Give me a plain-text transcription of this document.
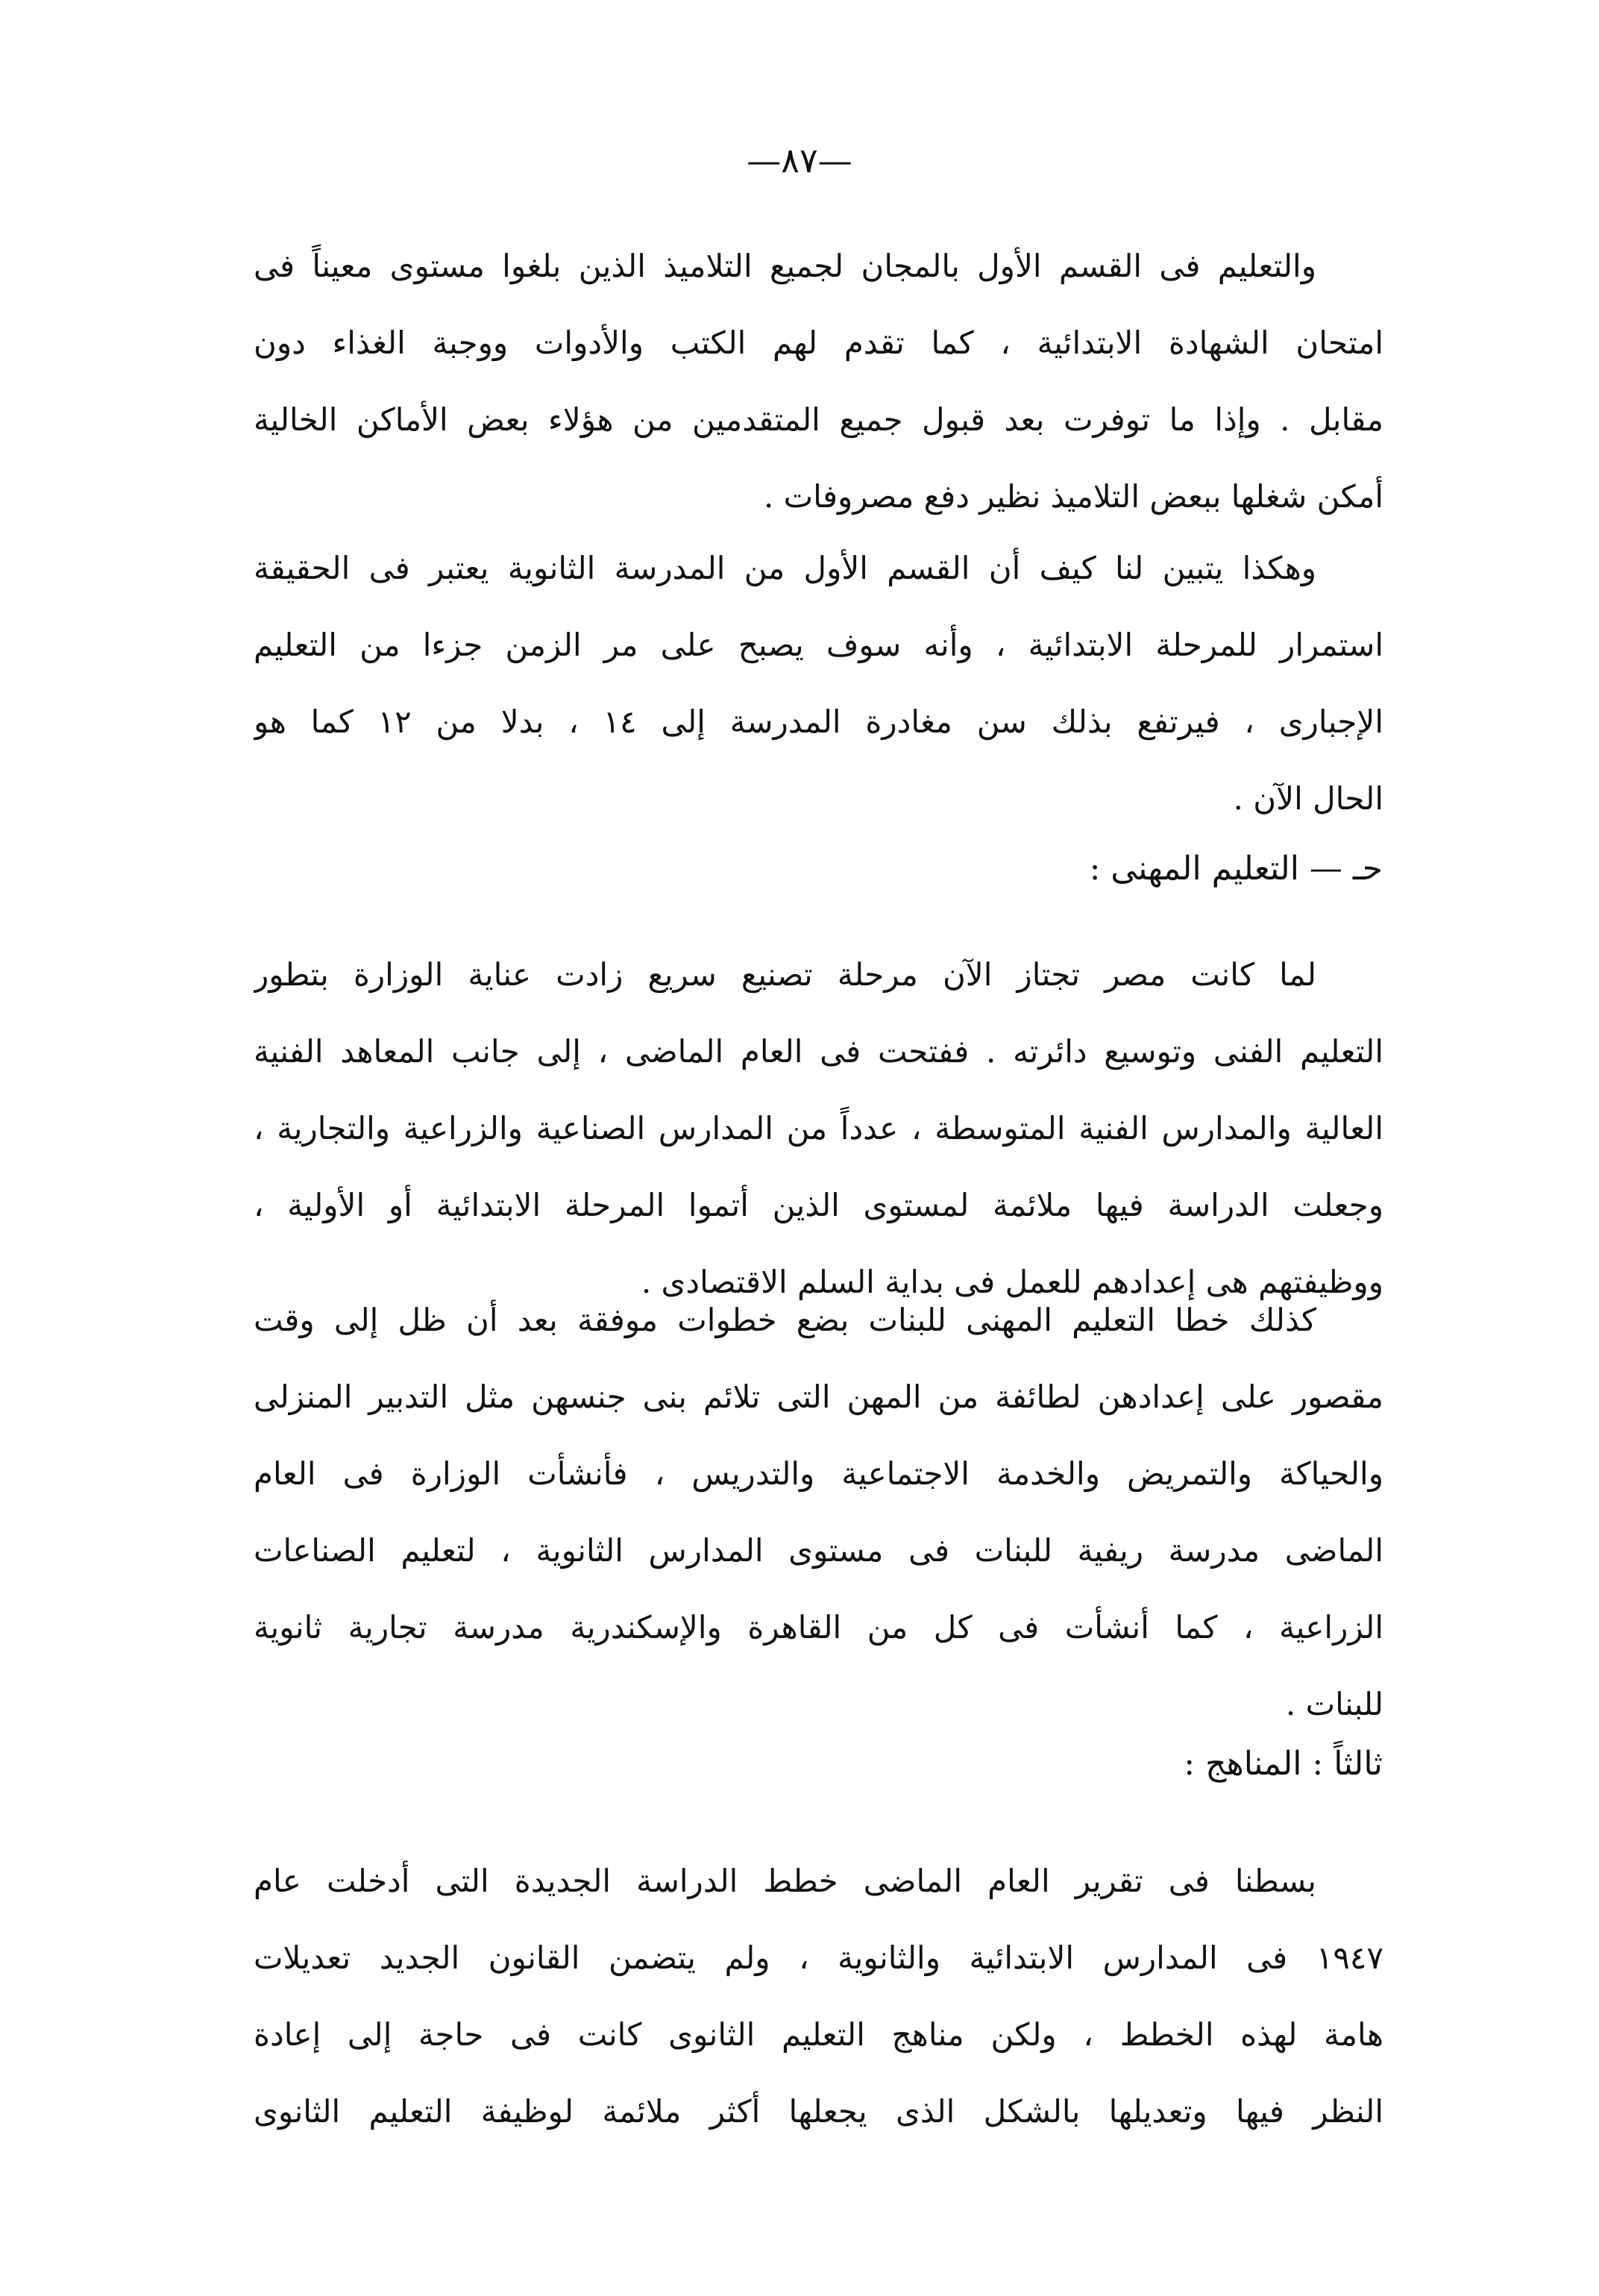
—٨٧—
والتعليم فى القسم الأول بالمجان لجميع التلاميذ الذين بلغوا مستوى معيناً فى
امتحان الشهادة الابتدائية ، كما تقدم لهم الكتب والأدوات ووجبة الغذاء دون
مقابل . وإذا ما توفرت بعد قبول جميع المتقدمين من هؤلاء بعض الأماكن الخالية
أمكن شغلها ببعض التلاميذ نظير دفع مصروفات .
وهكذا يتبين لنا كيف أن القسم الأول من المدرسة الثانوية يعتبر فى الحقيقة
استمرار للمرحلة الابتدائية ، وأنه سوف يصبح على مر الزمن جزءا من التعليم
الإجبارى ، فيرتفع بذلك سن مغادرة المدرسة إلى ١٤ ، بدلا من ١٢ كما هو
الحال الآن .
حـ — التعليم المهنى :
لما كانت مصر تجتاز الآن مرحلة تصنيع سريع زادت عناية الوزارة بتطور
التعليم الفنى وتوسيع دائرته . ففتحت فى العام الماضى ، إلى جانب المعاهد الفنية
العالية والمدارس الفنية المتوسطة ، عدداً من المدارس الصناعية والزراعية والتجارية ،
وجعلت الدراسة فيها ملائمة لمستوى الذين أتموا المرحلة الابتدائية أو الأولية ،
ووظيفتهم هى إعدادهم للعمل فى بداية السلم الاقتصادى .
كذلك خطا التعليم المهنى للبنات بضع خطوات موفقة بعد أن ظل إلى وقت
مقصور على إعدادهن لطائفة من المهن التى تلائم بنى جنسهن مثل التدبير المنزلى
والحياكة والتمريض والخدمة الاجتماعية والتدريس ، فأنشأت الوزارة فى العام
الماضى مدرسة ريفية للبنات فى مستوى المدارس الثانوية ، لتعليم الصناعات
الزراعية ، كما أنشأت فى كل من القاهرة والإسكندرية مدرسة تجارية ثانوية
للبنات .
ثالثاً : المناهج :
بسطنا فى تقرير العام الماضى خطط الدراسة الجديدة التى أدخلت عام
١٩٤٧ فى المدارس الابتدائية والثانوية ، ولم يتضمن القانون الجديد تعديلات
هامة لهذه الخطط ، ولكن مناهج التعليم الثانوى كانت فى حاجة إلى إعادة
النظر فيها وتعديلها بالشكل الذى يجعلها أكثر ملائمة لوظيفة التعليم الثانوى
